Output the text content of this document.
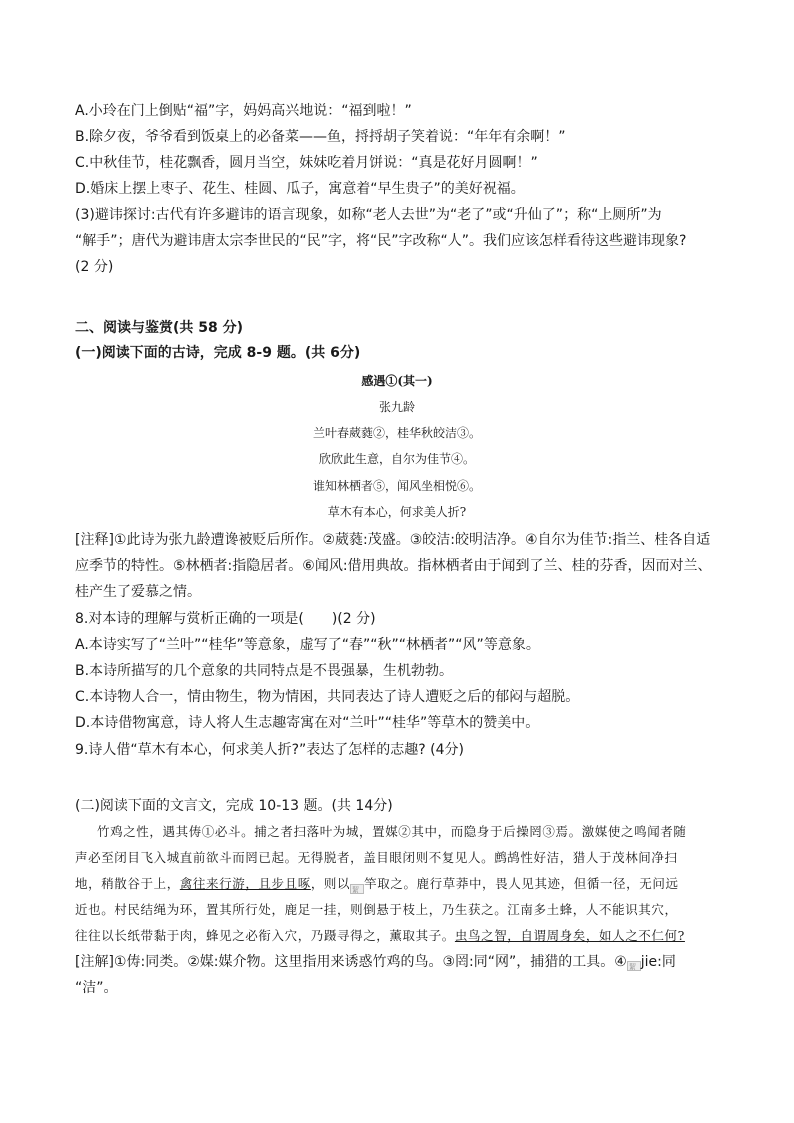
A.小玲在门上倒贴“福”字，妈妈高兴地说：“福到啦！”
B.除夕夜，爷爷看到饭桌上的必备菜——鱼，捋捋胡子笑着说：“年年有余啊！”
C.中秋佳节，桂花飘香，圆月当空，妹妹吃着月饼说：“真是花好月圆啊！”
D.婚床上摆上枣子、花生、桂圆、瓜子，寓意着“早生贵子”的美好祝福。
(3)避讳探讨:古代有许多避讳的语言现象，如称“老人去世”为“老了”或“升仙了”；称“上厕所”为
“解手”；唐代为避讳唐太宗李世民的“民”字，将“民”字改称“人”。我们应该怎样看待这些避讳现象?
(2 分)
二、阅读与鉴赏(共 58 分)
(一)阅读下面的古诗，完成 8-9 题。(共 6分)
感遇①(其一)
张九龄
兰叶春葳蕤②，桂华秋皎洁③。
欣欣此生意，自尔为佳节④。
谁知林栖者⑤，闻风坐相悦⑥。
草木有本心，何求美人折?
[注释]①此诗为张九龄遭谗被贬后所作。②葳蕤:茂盛。③皎洁:皎明洁净。④自尔为佳节:指兰、桂各自适
应季节的特性。⑤林栖者:指隐居者。⑥闻风:借用典故。指林栖者由于闻到了兰、桂的芬香，因而对兰、
桂产生了爱慕之情。
8.对本诗的理解与赏析正确的一项是(　　)(2 分)
A.本诗实写了“兰叶”“桂华”等意象，虚写了“春”“秋”“林栖者”“风”等意象。
B.本诗所描写的几个意象的共同特点是不畏强暴，生机勃勃。
C.本诗物人合一，情由物生，物为情困，共同表达了诗人遭贬之后的郁闷与超脱。
D.本诗借物寓意，诗人将人生志趣寄寓在对“兰叶”“桂华”等草木的赞美中。
9.诗人借“草木有本心，何求美人折?”表达了怎样的志趣? (4分)
(二)阅读下面的文言文，完成 10-13 题。(共 14分)
竹鸡之性，遇其俦①必斗。捕之者扫落叶为城，置媒②其中，而隐身于后操罔③焉。激媒使之鸣闻者随
声必至闭目飞入城直前欲斗而罔已起。无得脱者，盖目眼闭则不复见人。鹧鸪性好洁，猎人于茂林间净扫
地，稍散谷于上，禽往来行游，且步且啄，则以 絜 竿取之。鹿行草莽中，畏人见其迹，但循一径，无问远
近也。村民结绳为环，置其所行处，鹿足一挂，则倒悬于枝上，乃生获之。江南多土蜂，人不能识其穴，
往往以长纸带黏于肉，蜂见之必衔入穴，乃蹑寻得之，薰取其子。虫鸟之智，自谓周身矣，如人之不仁何?
[注解]①俦:同类。②媒:媒介物。这里指用来诱惑竹鸡的鸟。③罔:同“网”，捕猎的工具。④ 絜 jie:同
“洁”。
